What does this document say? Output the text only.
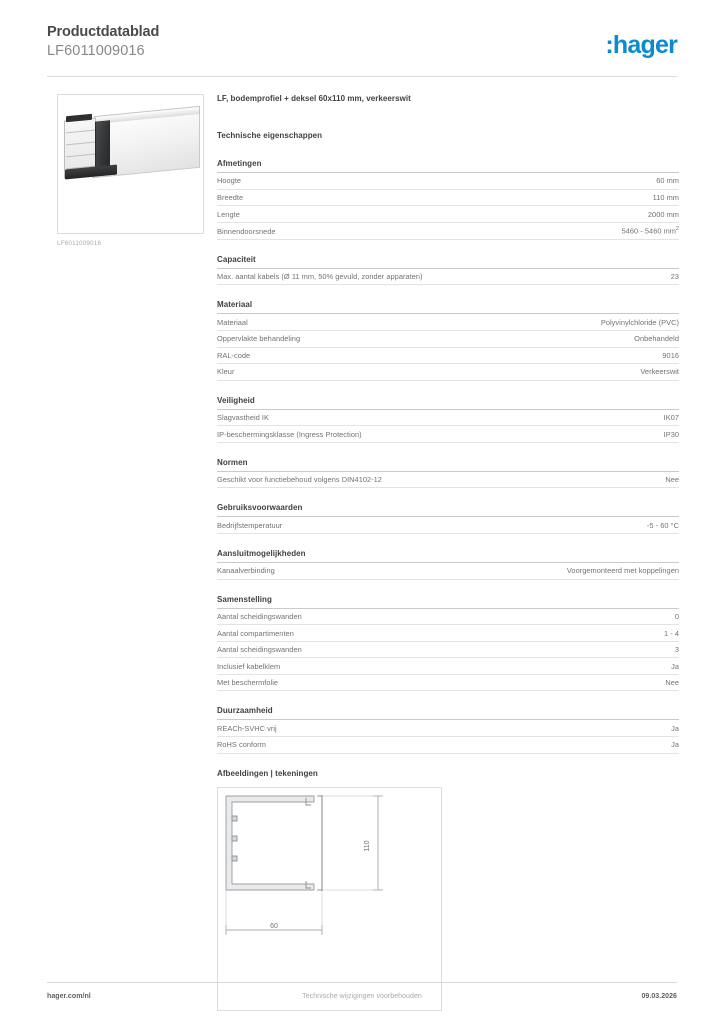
Productdatablad
LF6011009016	:hager
LF6011009016
LF, bodemprofiel + deksel 60x110 mm, verkeerswit
Technische eigenschappen
Afmetingen
Hoogte	60 mm
Breedte	110 mm
Lengte	2000 mm
Binnendoorsnede	5460 - 5460 $mm^2$
Capaciteit
Max. aantal kabels (Ø 11 mm, 50% gevuld, zonder apparaten)	23
Materiaal
Materiaal	Polyvinylchloride (PVC)
Oppervlakte behandeling	Onbehandeld
RAL-code	9016
Kleur	Verkeerswit
Veiligheid
Slagvastheid IK	IK07
IP-beschermingsklasse (Ingress Protection)	IP30
Normen
Geschikt voor functiebehoud volgens DIN4102-12	Nee
Gebruiksvoorwaarden
Bedrijfstemperatuur	-5 - 60 °C
Aansluitmogelijkheden
Kanaalverbinding	Voorgemonteerd met koppelingen
Samenstelling
Aantal scheidingswanden	0
Aantal compartimenten	1 - 4
Aantal scheidingswanden	3
Inclusief kabelklem	Ja
Met beschermfolie	Nee
Duurzaamheid
REACh-SVHC vrij	Ja
RoHS conform	Ja
Afbeeldingen | tekeningen
110
60
hager.com/nl	Technische wijzigingen voorbehouden	09.03.2026
